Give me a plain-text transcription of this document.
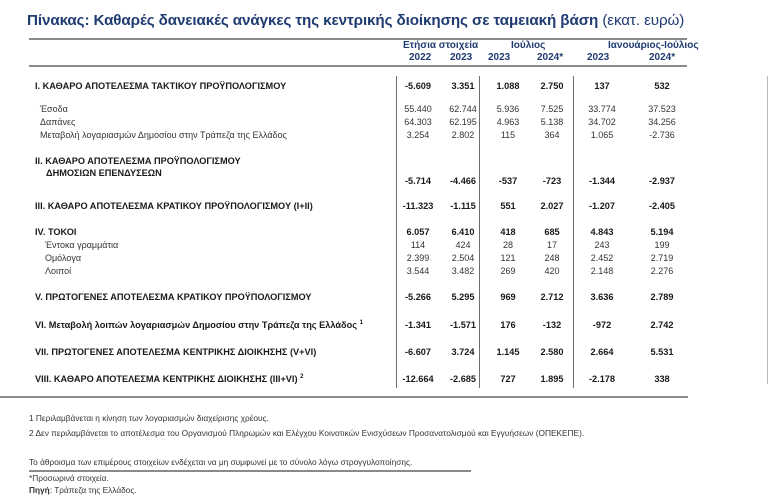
Πίνακας: Καθαρές δανειακές ανάγκες της κεντρικής διοίκησης σε ταμειακή βάση (εκατ. ευρώ)
Ετήσια στοιχεία	Ιούλιος	Ιανουάριος-Ιούλιος
2022 2023 2023	2024* 2023	2024*
I. ΚΑΘΑΡΟ ΑΠΟΤΕΛΕΣΜΑ ΤΑΚΤΙΚΟΥ ΠΡΟΫΠΟΛΟΓΙΣΜΟΥ	-5.609	3.351	1.088	2.750	137	532
Έσοδα	55.440	62.744	5.936	7.525	33.774	37.523
Δαπάνες	64.303	62.195	4.963	5.138	34.702	34.256
Μεταβολή λογαριασμών Δημοσίου στην Τράπεζα της Ελλάδος	3.254	2.802	115	364	1.065	-2.736
II. ΚΑΘΑΡΟ ΑΠΟΤΕΛΕΣΜΑ ΠΡΟΫΠΟΛΟΓΙΣΜΟΥ
ΔΗΜΟΣΙΩΝ ΕΠΕΝΔΥΣΕΩΝ
-5.714	-4.466	-537	-723	-1.344	-2.937
III. ΚΑΘΑΡΟ ΑΠΟΤΕΛΕΣΜΑ ΚΡΑΤΙΚΟΥ ΠΡΟΫΠΟΛΟΓΙΣΜΟΥ (I+II)	-11.323	-1.115	551	2.027	-1.207	-2.405
IV. ΤΟΚΟΙ	6.057	6.410	418	685	4.843	5.194
Έντοκα γραμμάτια	114	424	28	17	243	199
Ομόλογα	2.399	2.504	121	248	2.452	2.719
Λοιποί	3.544	3.482	269	420	2.148	2.276
V. ΠΡΩΤΟΓΕΝΕΣ ΑΠΟΤΕΛΕΣΜΑ ΚΡΑΤΙΚΟΥ ΠΡΟΫΠΟΛΟΓΙΣΜΟΥ	-5.266	5.295	969	2.712	3.636	2.789
VI. Μεταβολή λοιπών λογαριασμών Δημοσίου στην Τράπεζα της Ελλάδος $^1$	-1.341	-1.571	176	-132	-972	2.742
VII. ΠΡΩΤΟΓΕΝΕΣ ΑΠΟΤΕΛΕΣΜΑ ΚΕΝΤΡΙΚΗΣ ΔΙΟΙΚΗΣΗΣ (V+VI)	-6.607	3.724	1.145	2.580	2.664	5.531
VIII. ΚΑΘΑΡΟ ΑΠΟΤΕΛΕΣΜΑ ΚΕΝΤΡΙΚΗΣ ΔΙΟΙΚΗΣΗΣ (III+VI) $^2$	-12.664	-2.685	727	1.895	-2.178	338
1 Περιλαμβάνεται η κίνηση των λογαριασμών διαχείρισης χρέους.
2 Δεν περιλαμβάνεται το αποτέλεσμα του Οργανισμού Πληρωμών και Ελέγχου Κοινοτικών Ενισχύσεων Προσανατολισμού και Εγγυήσεων (ΟΠΕΚΕΠΕ).
Το άθροισμα των επιμέρους στοιχείων ενδέχεται να μη συμφωνεί με το σύνολο λόγω στρογγυλοποίησης.
*Προσωρινά στοιχεία.
Πηγή: Τράπεζα της Ελλάδος.
